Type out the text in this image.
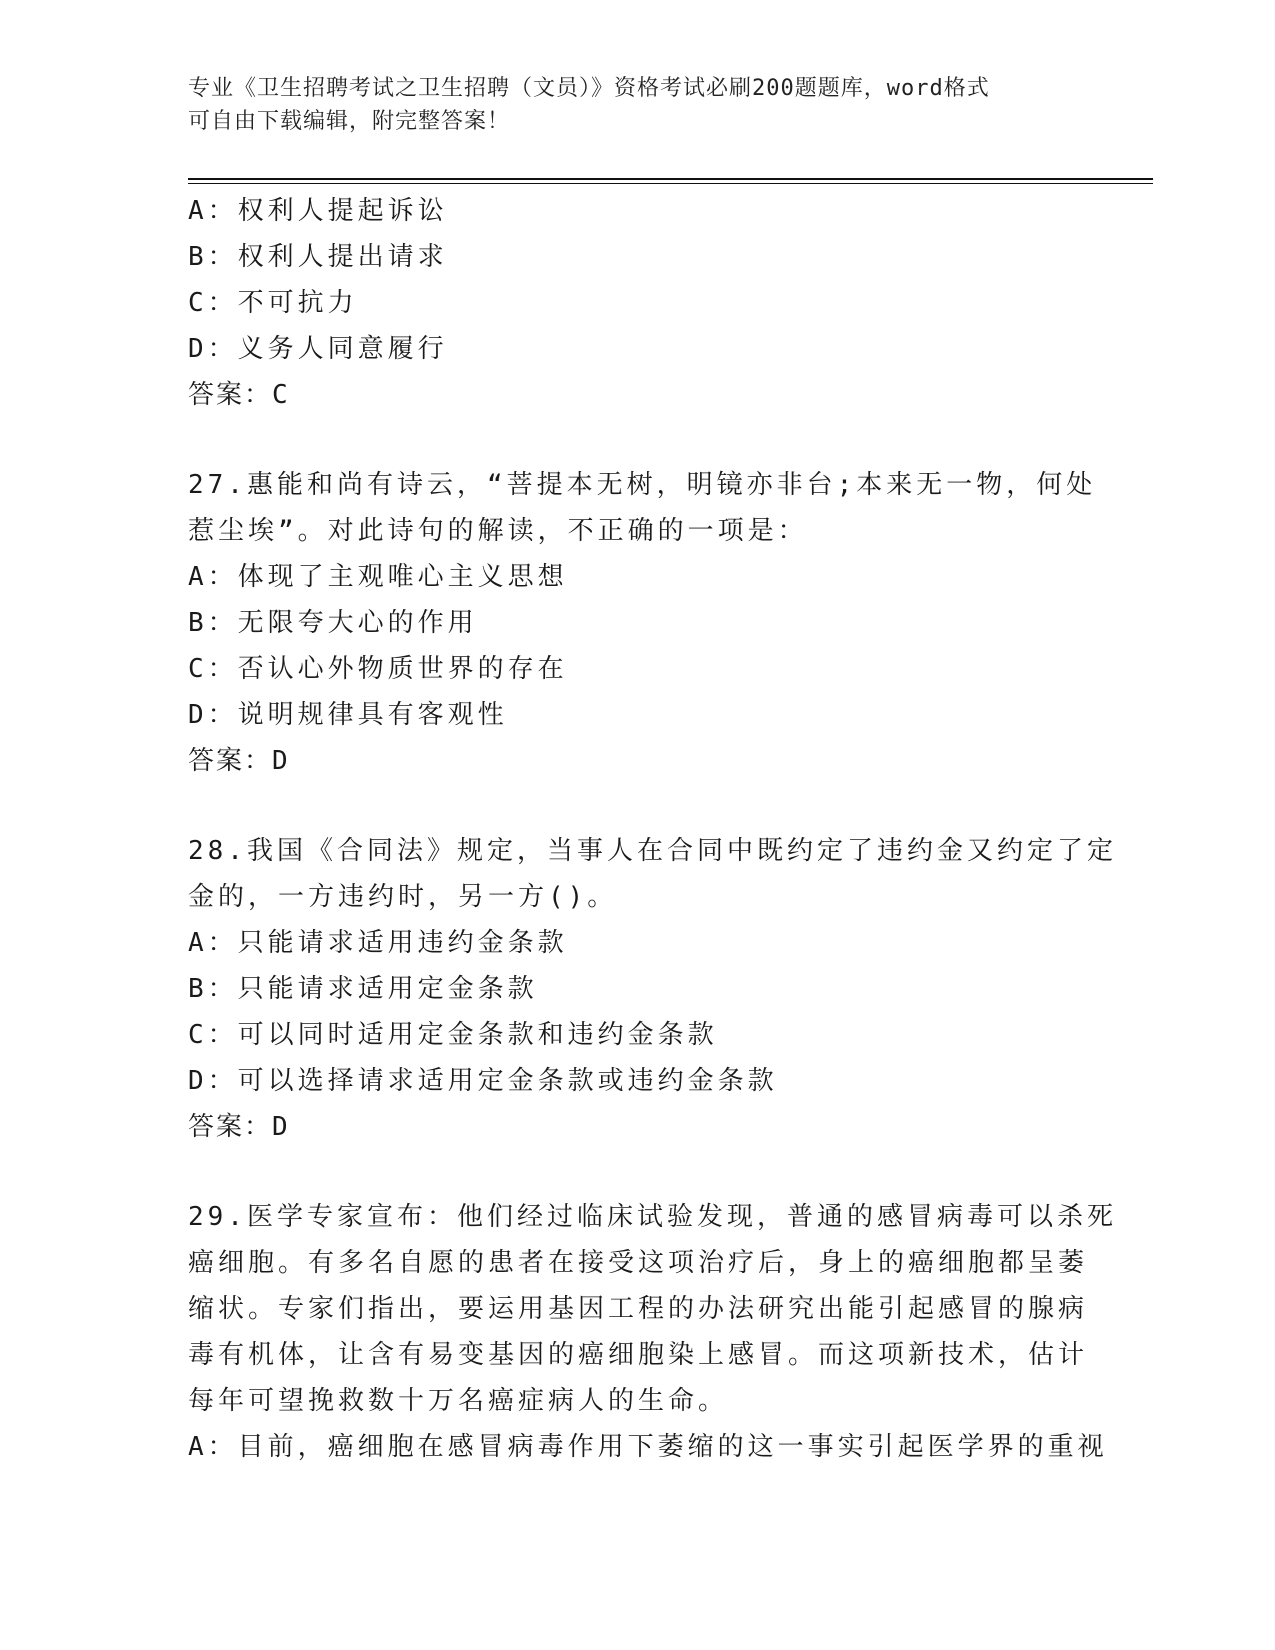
专业《卫生招聘考试之卫生招聘（文员）》资格考试必刷200题题库，word格式
可自由下载编辑，附完整答案！
A：权利人提起诉讼
B：权利人提出请求
C：不可抗力
D：义务人同意履行
答案：C
27.惠能和尚有诗云，“菩提本无树，明镜亦非台;本来无一物，何处
惹尘埃”。对此诗句的解读，不正确的一项是：
A：体现了主观唯心主义思想
B：无限夸大心的作用
C：否认心外物质世界的存在
D：说明规律具有客观性
答案：D
28.我国《合同法》规定，当事人在合同中既约定了违约金又约定了定
金的，一方违约时，另一方()。
A：只能请求适用违约金条款
B：只能请求适用定金条款
C：可以同时适用定金条款和违约金条款
D：可以选择请求适用定金条款或违约金条款
答案：D
29.医学专家宣布：他们经过临床试验发现，普通的感冒病毒可以杀死
癌细胞。有多名自愿的患者在接受这项治疗后，身上的癌细胞都呈萎
缩状。专家们指出，要运用基因工程的办法研究出能引起感冒的腺病
毒有机体，让含有易变基因的癌细胞染上感冒。而这项新技术，估计
每年可望挽救数十万名癌症病人的生命。
A：目前，癌细胞在感冒病毒作用下萎缩的这一事实引起医学界的重视
